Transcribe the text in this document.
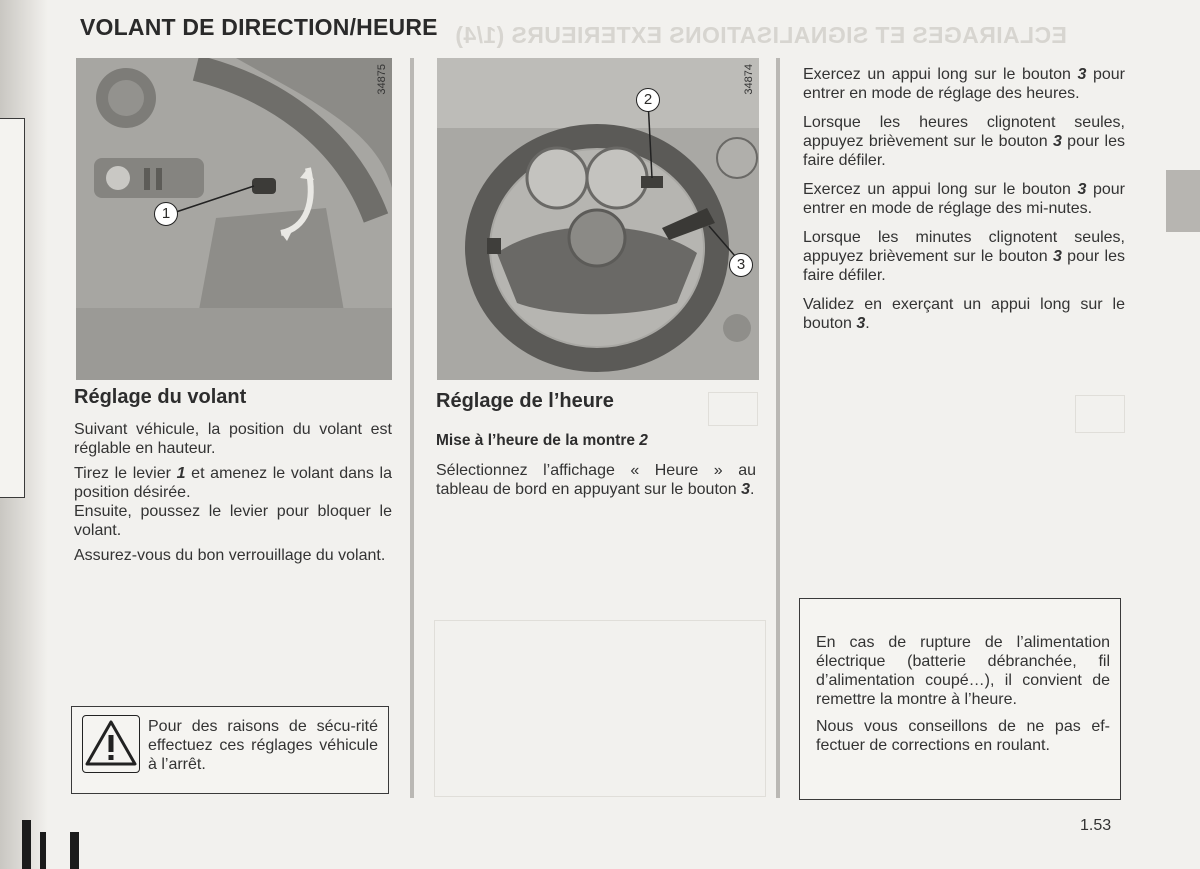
ECLAIRAGES ET SIGNALISATIONS EXTERIEURS (1/4)
VOLANT DE DIRECTION/HEURE
1
34875
2
3
34874
Réglage du volant

Suivant véhicule, la position du volant est réglable en hauteur.

Tirez le levier 1 et amenez le volant dans la position désirée.

Ensuite, poussez le levier pour bloquer le volant.

Assurez-vous du bon verrouillage du volant.

Pour des raisons de sécu-rité effectuez ces réglages véhicule à l’arrêt.
Réglage de l’heure
Mise à l’heure de la montre 2
Sélectionnez l’affichage « Heure » au tableau de bord en appuyant sur le bouton 3.

Exercez un appui long sur le bouton 3 pour entrer en mode de réglage des heures.

Lorsque les heures clignotent seules, appuyez brièvement sur le bouton 3 pour les faire défiler.

Exercez un appui long sur le bouton 3 pour entrer en mode de réglage des mi-nutes.

Lorsque les minutes clignotent seules, appuyez brièvement sur le bouton 3 pour les faire défiler.

Validez en exerçant un appui long sur le bouton 3.

En cas de rupture de l’alimentation électrique (batterie débranchée, fil d’alimentation coupé…), il convient de remettre la montre à l’heure.

Nous vous conseillons de ne pas ef-fectuer de corrections en roulant.

1.53
